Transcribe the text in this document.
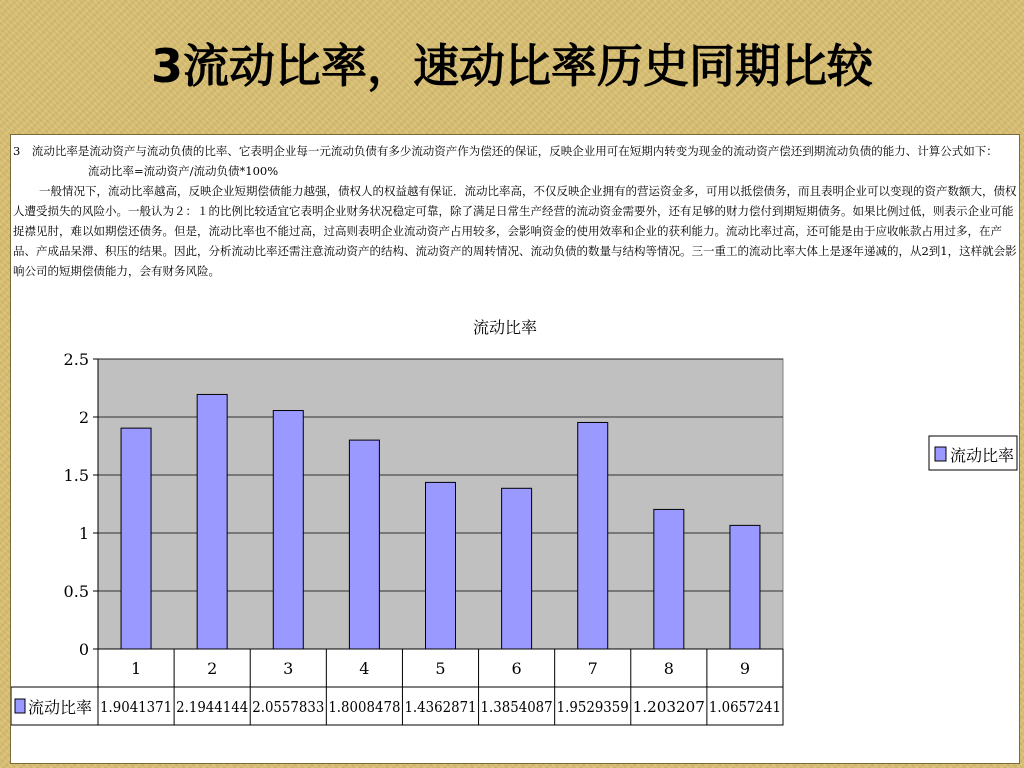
3流动比率，速动比率历史同期比较

3　流动比率是流动资产与流动负债的比率、它表明企业每一元流动负债有多少流动资产作为偿还的保证，反映企业用可在短期内转变为现金的流动资产偿还到期流动负债的能力、计算公式如下：

流动比率=流动资产/流动负债*100%

一般情况下，流动比率越高，反映企业短期偿债能力越强，债权人的权益越有保证．流动比率高，不仅反映企业拥有的营运资金多，可用以抵偿债务，而且表明企业可以变现的资产数额大，债权人遭受损失的风险小。一般认为２：１的比例比较适宜它表明企业财务状况稳定可靠，除了满足日常生产经营的流动资金需要外，还有足够的财力偿付到期短期债务。如果比例过低，则表示企业可能捉襟见肘，难以如期偿还债务。但是，流动比率也不能过高，过高则表明企业流动资产占用较多，会影响资金的使用效率和企业的获利能力。流动比率过高，还可能是由于应收帐款占用过多，在产品、产成品呆滞、积压的结果。因此，分析流动比率还需注意流动资产的结构、流动资产的周转情况、流动负债的数量与结构等情况。三一重工的流动比率大体上是逐年递减的，从2到1，这样就会影响公司的短期偿债能力，会有财务风险。

流动比率
0
0.5
1
1.5
2
2.5
1
1.9041371
2
2.1944144
3
2.0557833
4
1.8008478
5
1.4362871
6
1.3854087
7
1.9529359
8
1.203207
9
1.0657241
流动比率
流动比率
